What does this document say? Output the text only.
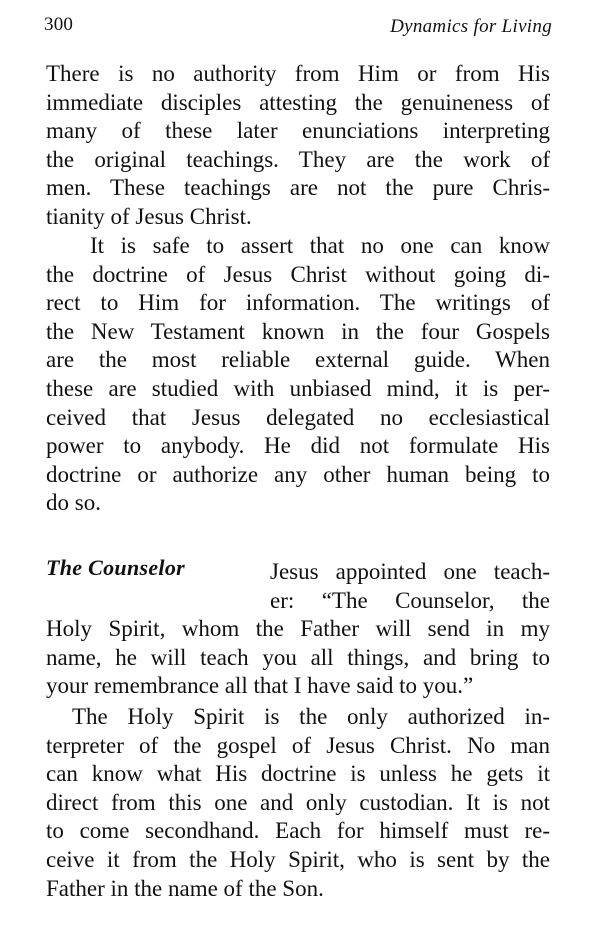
300	Dynamics for Living
There is no authority from Him or from His
immediate disciples attesting the genuineness of
many of these later enunciations interpreting
the original teachings. They are the work of
men. These teachings are not the pure Chris-
tianity of Jesus Christ.
It is safe to assert that no one can know
the doctrine of Jesus Christ without going di-
rect to Him for information. The writings of
the New Testament known in the four Gospels
are the most reliable external guide. When
these are studied with unbiased mind, it is per-
ceived that Jesus delegated no ecclesiastical
power to anybody. He did not formulate His
doctrine or authorize any other human being to
do so.
The Counselor	Jesus appointed one teach-
er: “The Counselor, the
Holy Spirit, whom the Father will send in my
name, he will teach you all things, and bring to
your remembrance all that I have said to you.”
The Holy Spirit is the only authorized in-
terpreter of the gospel of Jesus Christ. No man
can know what His doctrine is unless he gets it
direct from this one and only custodian. It is not
to come secondhand. Each for himself must re-
ceive it from the Holy Spirit, who is sent by the
Father in the name of the Son.
